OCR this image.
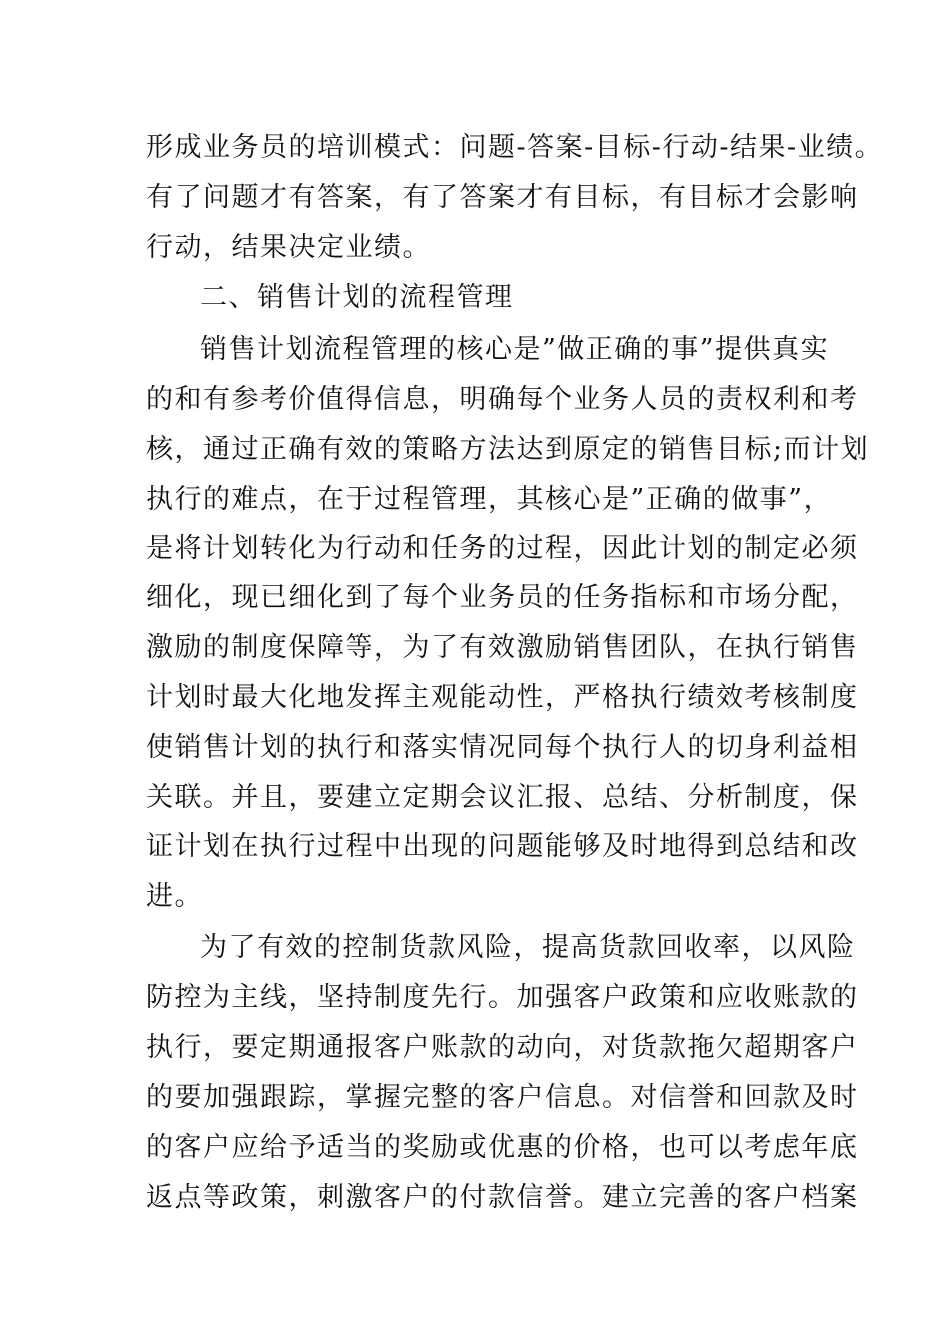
形成业务员的培训模式：问题-答案-目标-行动-结果-业绩。

有了问题才有答案，有了答案才有目标，有目标才会影响

行动，结果决定业绩。

二、销售计划的流程管理

销售计划流程管理的核心是”做正确的事”提供真实

的和有参考价值得信息，明确每个业务人员的责权利和考

核，通过正确有效的策略方法达到原定的销售目标;而计划

执行的难点，在于过程管理，其核心是”正确的做事”，

是将计划转化为行动和任务的过程，因此计划的制定必须

细化，现已细化到了每个业务员的任务指标和市场分配，

激励的制度保障等，为了有效激励销售团队，在执行销售

计划时最大化地发挥主观能动性，严格执行绩效考核制度

使销售计划的执行和落实情况同每个执行人的切身利益相

关联。并且，要建立定期会议汇报、总结、分析制度，保

证计划在执行过程中出现的问题能够及时地得到总结和改

进。

为了有效的控制货款风险，提高货款回收率，以风险

防控为主线，坚持制度先行。加强客户政策和应收账款的

执行，要定期通报客户账款的动向，对货款拖欠超期客户

的要加强跟踪，掌握完整的客户信息。对信誉和回款及时

的客户应给予适当的奖励或优惠的价格，也可以考虑年底

返点等政策，刺激客户的付款信誉。建立完善的客户档案
